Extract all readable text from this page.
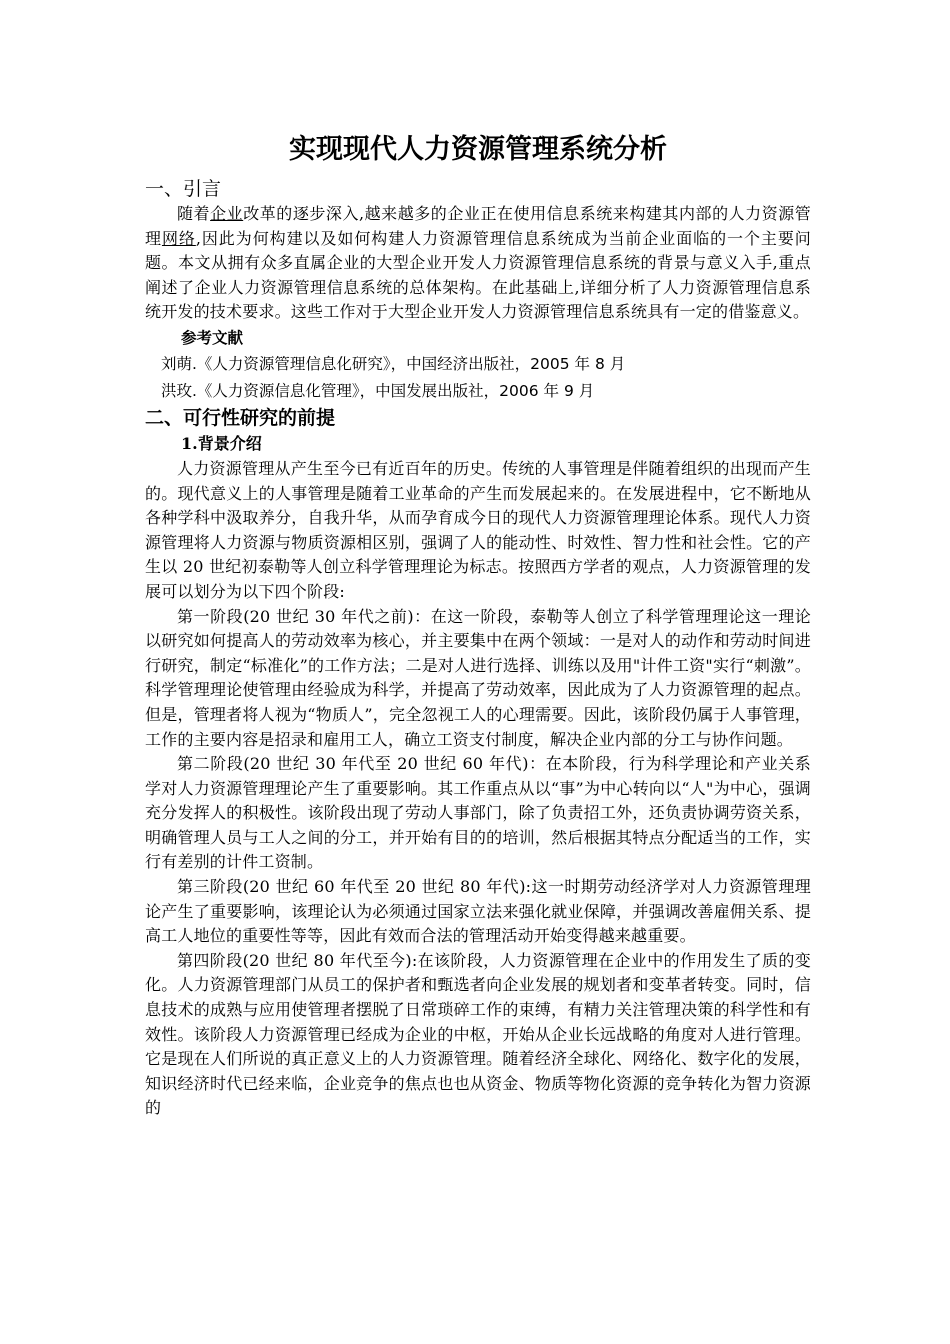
实现现代人力资源管理系统分析
一、引言

随着企业改革的逐步深入,越来越多的企业正在使用信息系统来构建其内部的人力资源管理网络,因此为何构建以及如何构建人力资源管理信息系统成为当前企业面临的一个主要问题。本文从拥有众多直属企业的大型企业开发人力资源管理信息系统的背景与意义入手,重点阐述了企业人力资源管理信息系统的总体架构。在此基础上,详细分析了人力资源管理信息系统开发的技术要求。这些工作对于大型企业开发人力资源管理信息系统具有一定的借鉴意义。

参考文献
刘萌.《人力资源管理信息化研究》，中国经济出版社，2005 年 8 月
洪玫.《人力资源信息化管理》，中国发展出版社，2006 年 9 月
二、可行性研究的前提
1.背景介绍

人力资源管理从产生至今已有近百年的历史。传统的人事管理是伴随着组织的出现而产生的。现代意义上的人事管理是随着工业革命的产生而发展起来的。在发展进程中，它不断地从各种学科中汲取养分，自我升华，从而孕育成今日的现代人力资源管理理论体系。现代人力资源管理将人力资源与物质资源相区别，强调了人的能动性、时效性、智力性和社会性。它的产生以 20 世纪初泰勒等人创立科学管理理论为标志。按照西方学者的观点，人力资源管理的发展可以划分为以下四个阶段:

第一阶段(20 世纪 30 年代之前)：在这一阶段，泰勒等人创立了科学管理理论这一理论以研究如何提高人的劳动效率为核心，并主要集中在两个领域：一是对人的动作和劳动时间进行研究，制定“标准化”的工作方法；二是对人进行选择、训练以及用"计件工资"实行“刺激”。科学管理理论使管理由经验成为科学，并提高了劳动效率，因此成为了人力资源管理的起点。但是，管理者将人视为“物质人”，完全忽视工人的心理需要。因此，该阶段仍属于人事管理，工作的主要内容是招录和雇用工人，确立工资支付制度，解决企业内部的分工与协作问题。

第二阶段(20 世纪 30 年代至 20 世纪 60 年代)：在本阶段，行为科学理论和产业关系学对人力资源管理理论产生了重要影响。其工作重点从以“事”为中心转向以“人"为中心，强调充分发挥人的积极性。该阶段出现了劳动人事部门，除了负责招工外，还负责协调劳资关系，明确管理人员与工人之间的分工，并开始有目的的培训，然后根据其特点分配适当的工作，实行有差别的计件工资制。

第三阶段(20 世纪 60 年代至 20 世纪 80 年代):这一时期劳动经济学对人力资源管理理论产生了重要影响，该理论认为必须通过国家立法来强化就业保障，并强调改善雇佣关系、提高工人地位的重要性等等，因此有效而合法的管理活动开始变得越来越重要。

第四阶段(20 世纪 80 年代至今):在该阶段，人力资源管理在企业中的作用发生了质的变化。人力资源管理部门从员工的保护者和甄选者向企业发展的规划者和变革者转变。同时，信息技术的成熟与应用使管理者摆脱了日常琐碎工作的束缚，有精力关注管理决策的科学性和有效性。该阶段人力资源管理已经成为企业的中枢，开始从企业长远战略的角度对人进行管理。它是现在人们所说的真正意义上的人力资源管理。随着经济全球化、网络化、数字化的发展，知识经济时代已经来临，企业竞争的焦点也也从资金、物质等物化资源的竞争转化为智力资源的
